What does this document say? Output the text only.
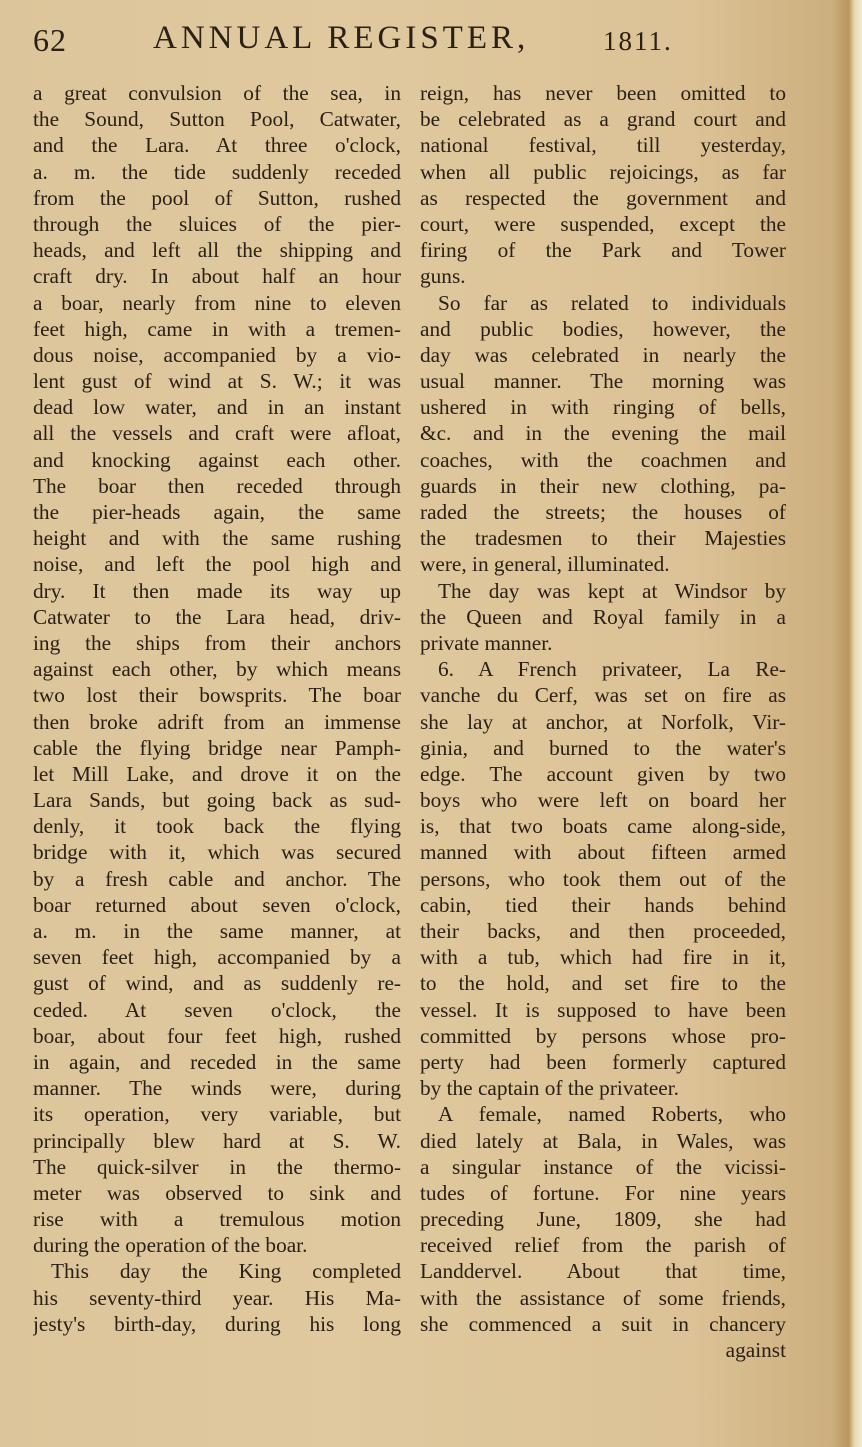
62	ANNUAL REGISTER,	1811.
a great convulsion of the sea, in
the Sound, Sutton Pool, Catwater,
and the Lara. At three o'clock,
a. m. the tide suddenly receded
from the pool of Sutton, rushed
through the sluices of the pier-
heads, and left all the shipping and
craft dry. In about half an hour
a boar, nearly from nine to eleven
feet high, came in with a tremen-
dous noise, accompanied by a vio-
lent gust of wind at S. W.; it was
dead low water, and in an instant
all the vessels and craft were afloat,
and knocking against each other.
The boar then receded through
the pier-heads again, the same
height and with the same rushing
noise, and left the pool high and
dry. It then made its way up
Catwater to the Lara head, driv-
ing the ships from their anchors
against each other, by which means
two lost their bowsprits. The boar
then broke adrift from an immense
cable the flying bridge near Pamph-
let Mill Lake, and drove it on the
Lara Sands, but going back as sud-
denly, it took back the flying
bridge with it, which was secured
by a fresh cable and anchor. The
boar returned about seven o'clock,
a. m. in the same manner, at
seven feet high, accompanied by a
gust of wind, and as suddenly re-
ceded. At seven o'clock, the
boar, about four feet high, rushed
in again, and receded in the same
manner. The winds were, during
its operation, very variable, but
principally blew hard at S. W.
The quick-silver in the thermo-
meter was observed to sink and
rise with a tremulous motion
during the operation of the boar.
This day the King completed
his seventy-third year. His Ma-
jesty's birth-day, during his long
reign, has never been omitted to
be celebrated as a grand court and
national festival, till yesterday,
when all public rejoicings, as far
as respected the government and
court, were suspended, except the
firing of the Park and Tower
guns.
So far as related to individuals
and public bodies, however, the
day was celebrated in nearly the
usual manner. The morning was
ushered in with ringing of bells,
&c. and in the evening the mail
coaches, with the coachmen and
guards in their new clothing, pa-
raded the streets; the houses of
the tradesmen to their Majesties
were, in general, illuminated.
The day was kept at Windsor by
the Queen and Royal family in a
private manner.
6. A French privateer, La Re-
vanche du Cerf, was set on fire as
she lay at anchor, at Norfolk, Vir-
ginia, and burned to the water's
edge. The account given by two
boys who were left on board her
is, that two boats came along-side,
manned with about fifteen armed
persons, who took them out of the
cabin, tied their hands behind
their backs, and then proceeded,
with a tub, which had fire in it,
to the hold, and set fire to the
vessel. It is supposed to have been
committed by persons whose pro-
perty had been formerly captured
by the captain of the privateer.
A female, named Roberts, who
died lately at Bala, in Wales, was
a singular instance of the vicissi-
tudes of fortune. For nine years
preceding June, 1809, she had
received relief from the parish of
Landdervel. About that time,
with the assistance of some friends,
she commenced a suit in chancery
against
